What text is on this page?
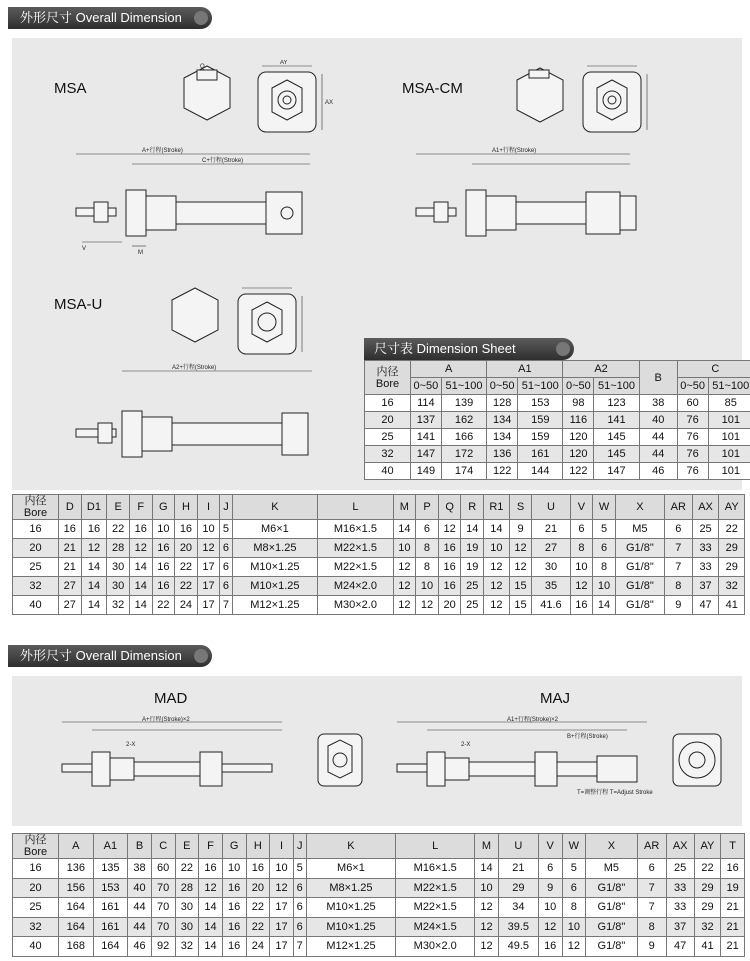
外形尺寸 Overall Dimension
MSA	MSA-CM
MSA-U
Q
AY
AX
A+行程(Stroke)
C+行程(Stroke)
V
M
A1+行程(Stroke)
A2+行程(Stroke)
尺寸表 Dimension Sheet
内径
Bore	A		A1		A2		B	C	
	0~50	51~100	0~50	51~100	0~50	51~100		0~50	51~100
16	114	139	128	153	98	123	38	60	85
20	137	162	134	159	116	141	40	76	101
25	141	166	134	159	120	145	44	76	101
32	147	172	136	161	120	145	44	76	101
40	149	174	122	144	122	147	46	76	101
内径
Bore	D	D1	E	F	G	H	I	J	K	L	M	P	Q	R	R1	S	U	V	W	X	AR	AX	AY
16	16	16	22	16	10	16	10	5	M6×1	M16×1.5	14	6	12	14	14	9	21	6	5	M5	6	25	22
20	21	12	28	12	16	20	12	6	M8×1.25	M22×1.5	10	8	16	19	10	12	27	8	6	G1/8"	7	33	29
25	21	14	30	14	16	22	17	6	M10×1.25	M22×1.5	12	8	16	19	12	12	30	10	8	G1/8"	7	33	29
32	27	14	30	14	16	22	17	6	M10×1.25	M24×2.0	12	10	16	25	12	15	35	12	10	G1/8"	8	37	32
40	27	14	32	14	22	24	17	7	M12×1.25	M30×2.0	12	12	20	25	12	15	41.6	16	14	G1/8"	9	47	41
外形尺寸 Overall Dimension
MAD	MAJ
A+行程(Stroke)×2
2-X
A1+行程(Stroke)×2
B+行程(Stroke)
2-X
T=调整行程 T=Adjust Stroke
内径
Bore	A	A1	B	C	E	F	G	H	I	J	K	L	M	U	V	W	X	AR	AX	AY	T
16	136	135	38	60	22	16	10	16	10	5	M6×1	M16×1.5	14	21	6	5	M5	6	25	22	16
20	156	153	40	70	28	12	16	20	12	6	M8×1.25	M22×1.5	10	29	9	6	G1/8"	7	33	29	19
25	164	161	44	70	30	14	16	22	17	6	M10×1.25	M22×1.5	12	34	10	8	G1/8"	7	33	29	21
32	164	161	44	70	30	14	16	22	17	6	M10×1.25	M24×1.5	12	39.5	12	10	G1/8"	8	37	32	21
40	168	164	46	92	32	14	16	24	17	7	M12×1.25	M30×2.0	12	49.5	16	12	G1/8"	9	47	41	21
